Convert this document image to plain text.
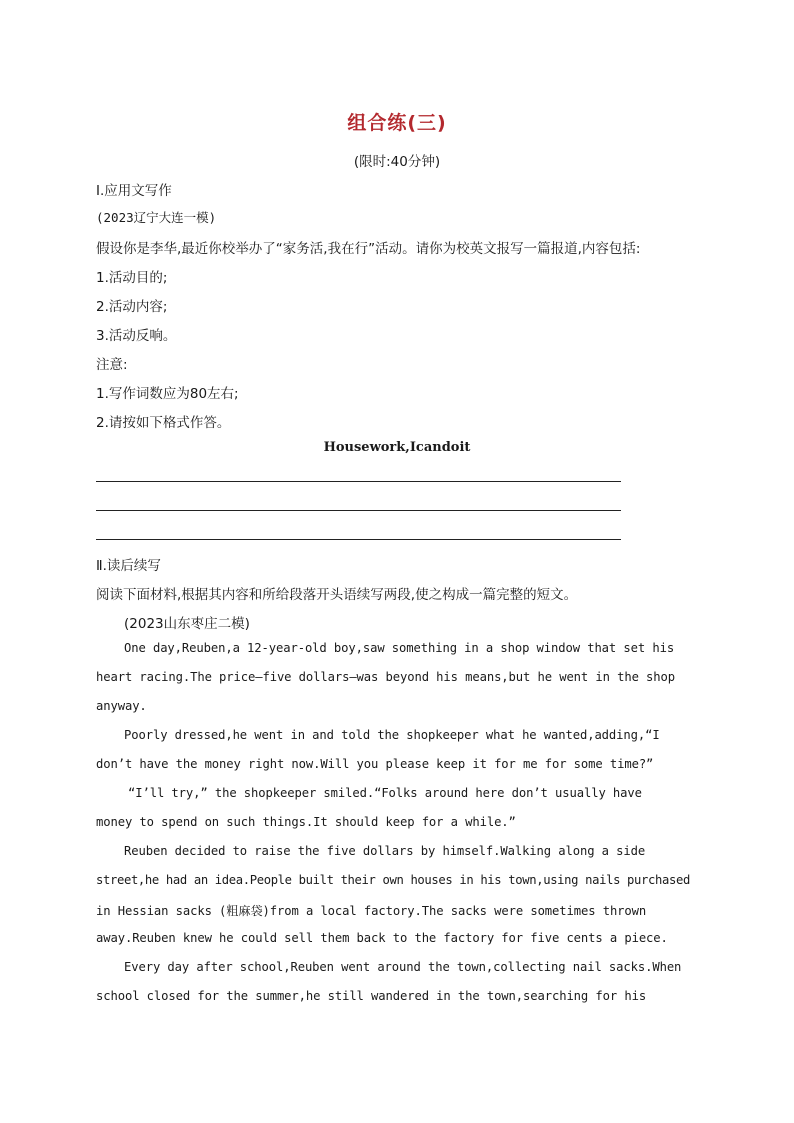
组合练(三)
(限时:40分钟)
Ⅰ.应用文写作
(2023辽宁大连一模)
假设你是李华,最近你校举办了“家务活,我在行”活动。请你为校英文报写一篇报道,内容包括:
1.活动目的;
2.活动内容;
3.活动反响。
注意:
1.写作词数应为80左右;
2.请按如下格式作答。
Housework,Icandoit
Ⅱ.读后续写
阅读下面材料,根据其内容和所给段落开头语续写两段,使之构成一篇完整的短文。
(2023山东枣庄二模)
One day,Reuben,a 12-year-old boy,saw something in a shop window that set his
heart racing.The price—five dollars—was beyond his means,but he went in the shop
anyway.
Poorly dressed,he went in and told the shopkeeper what he wanted,adding,“I
don’t have the money right now.Will you please keep it for me for some time?”
“I’ll try,” the shopkeeper smiled.“Folks around here don’t usually have
money to spend on such things.It should keep for a while.”
Reuben decided to raise the five dollars by himself.Walking along a side
street,he had an idea.People built their own houses in his town,using nails purchased
in Hessian sacks (粗麻袋)from a local factory.The sacks were sometimes thrown
away.Reuben knew he could sell them back to the factory for five cents a piece.
Every day after school,Reuben went around the town,collecting nail sacks.When
school closed for the summer,he still wandered in the town,searching for his
